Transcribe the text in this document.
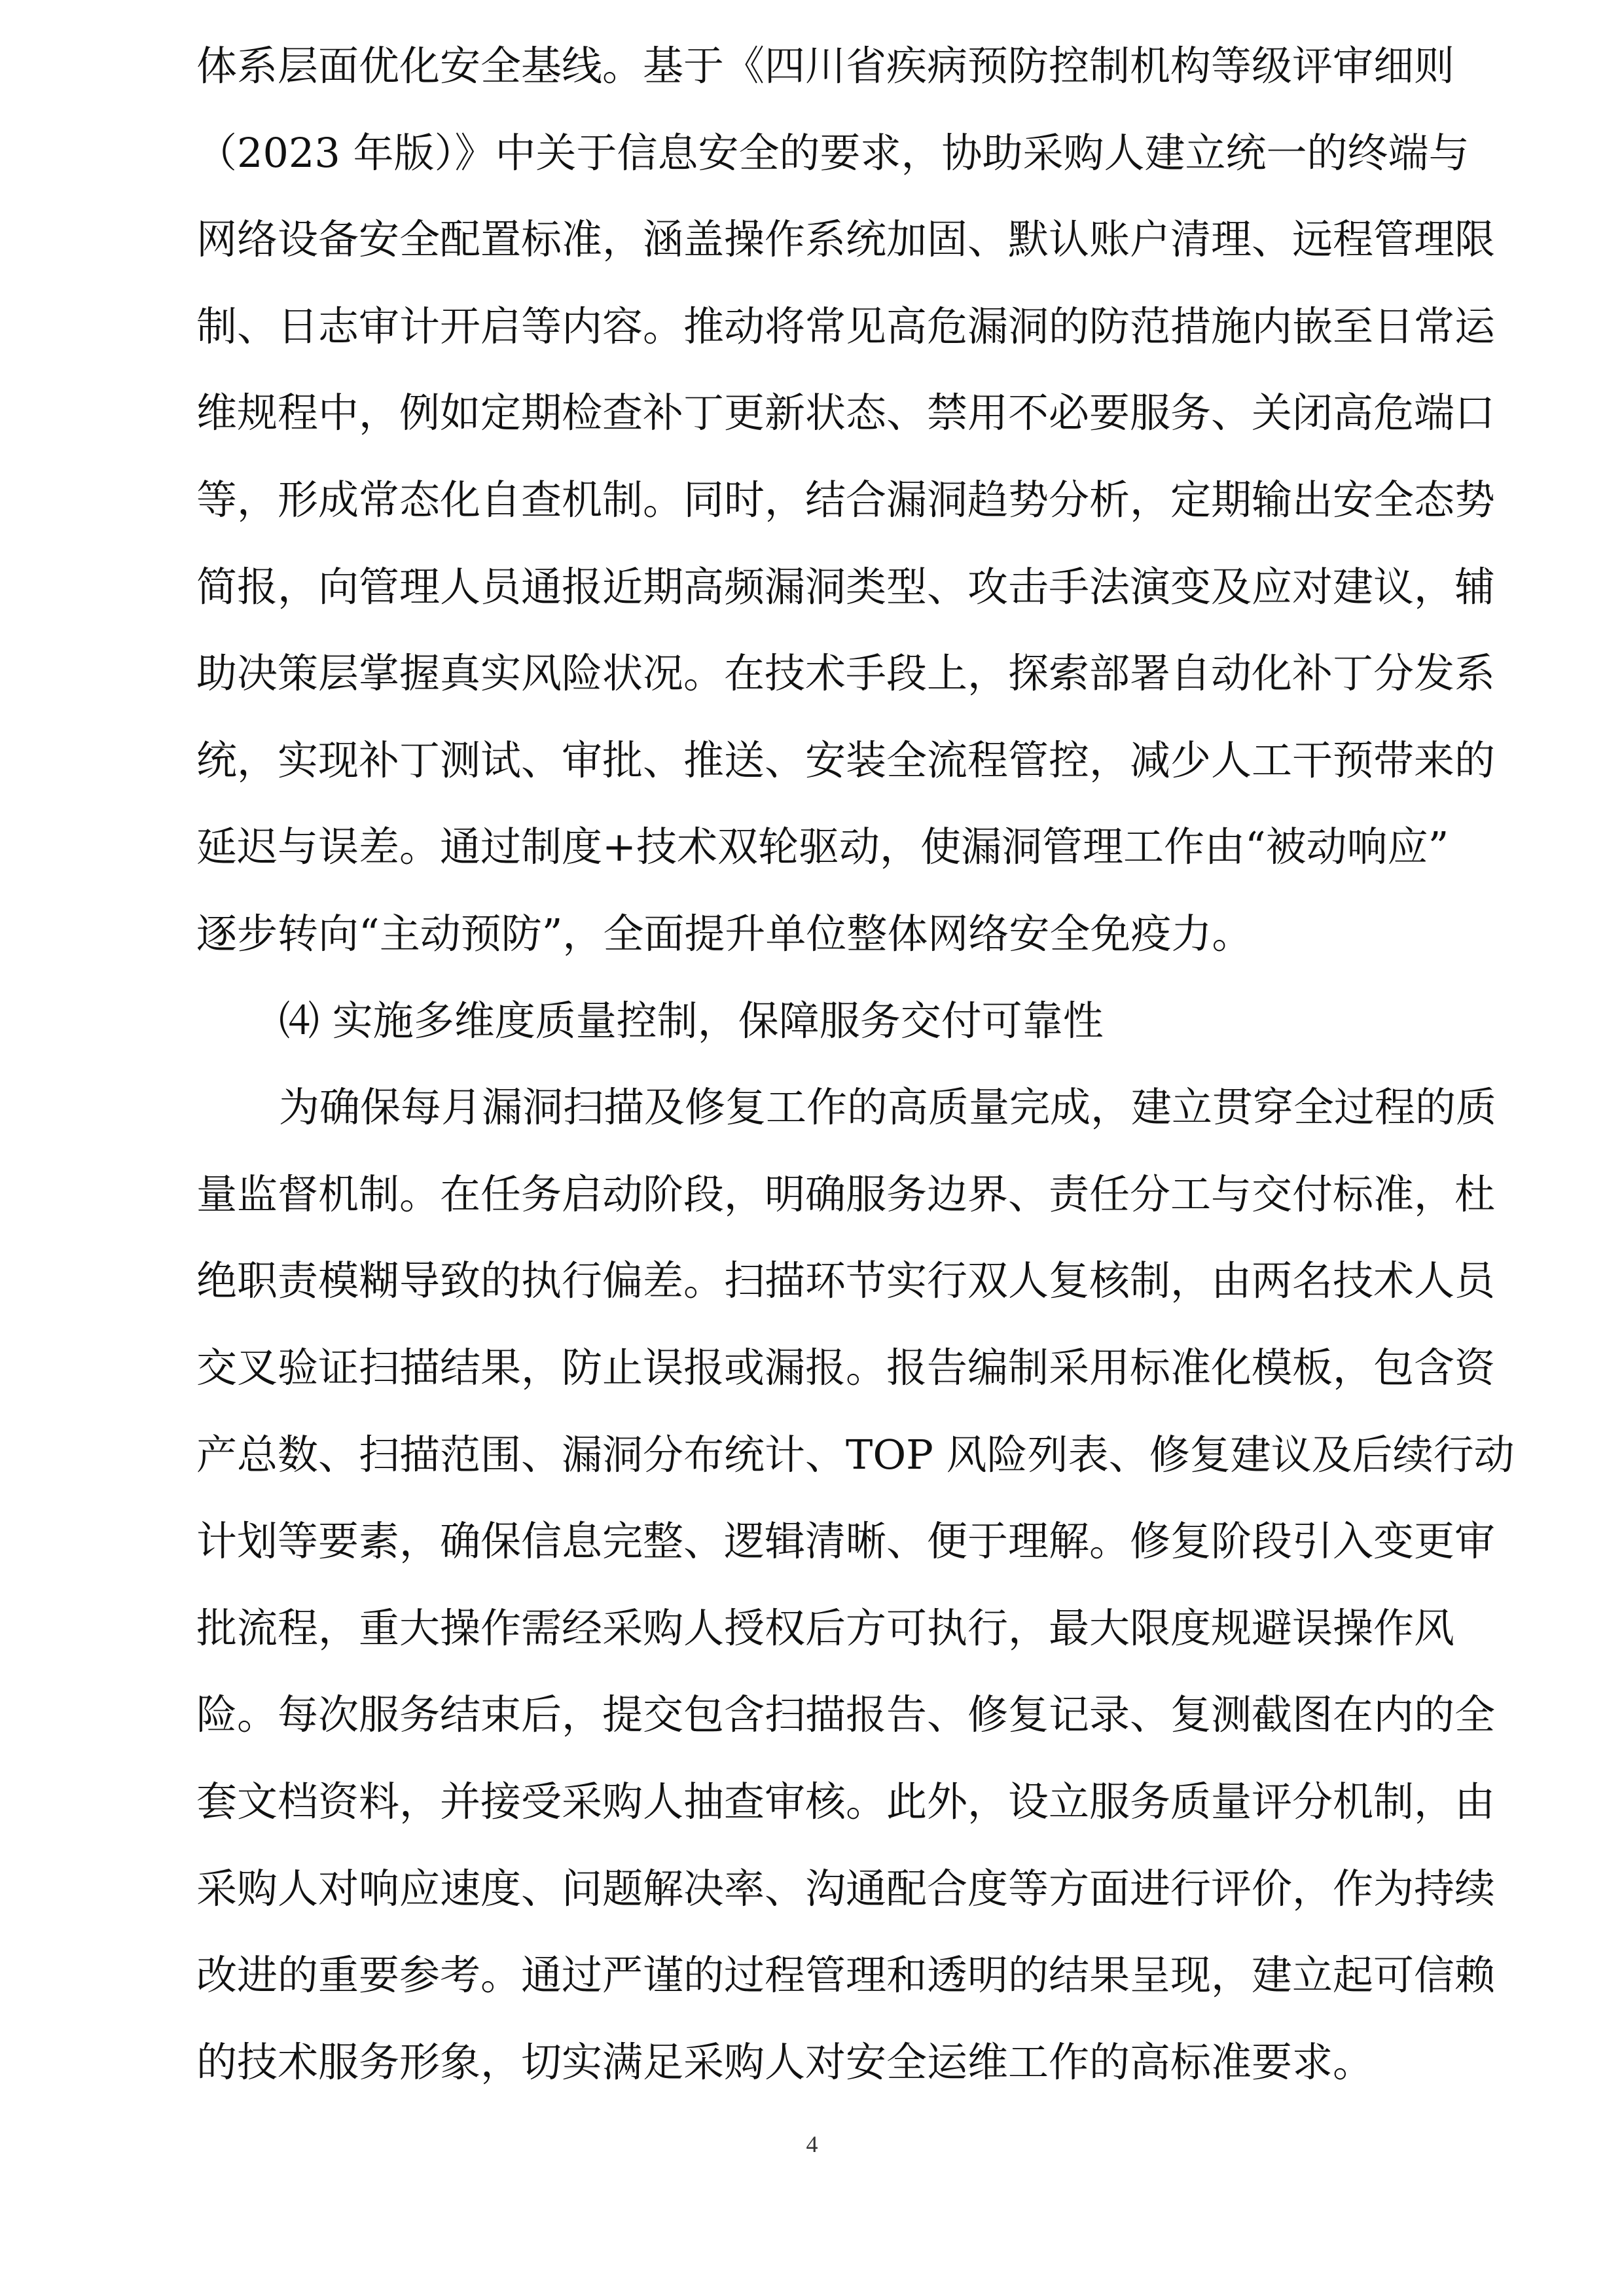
体系层面优化安全基线。基于《四川省疾病预防控制机构等级评审细则
（2023 年版）》中关于信息安全的要求，协助采购人建立统一的终端与
网络设备安全配置标准，涵盖操作系统加固、默认账户清理、远程管理限
制、日志审计开启等内容。推动将常见高危漏洞的防范措施内嵌至日常运
维规程中，例如定期检查补丁更新状态、禁用不必要服务、关闭高危端口
等，形成常态化自查机制。同时，结合漏洞趋势分析，定期输出安全态势
简报，向管理人员通报近期高频漏洞类型、攻击手法演变及应对建议，辅
助决策层掌握真实风险状况。在技术手段上，探索部署自动化补丁分发系
统，实现补丁测试、审批、推送、安装全流程管控，减少人工干预带来的
延迟与误差。通过制度+技术双轮驱动，使漏洞管理工作由“被动响应”
逐步转向“主动预防”，全面提升单位整体网络安全免疫力。
⑷ 实施多维度质量控制，保障服务交付可靠性
为确保每月漏洞扫描及修复工作的高质量完成，建立贯穿全过程的质
量监督机制。在任务启动阶段，明确服务边界、责任分工与交付标准，杜
绝职责模糊导致的执行偏差。扫描环节实行双人复核制，由两名技术人员
交叉验证扫描结果，防止误报或漏报。报告编制采用标准化模板，包含资
产总数、扫描范围、漏洞分布统计、TOP 风险列表、修复建议及后续行动
计划等要素，确保信息完整、逻辑清晰、便于理解。修复阶段引入变更审
批流程，重大操作需经采购人授权后方可执行，最大限度规避误操作风
险。每次服务结束后，提交包含扫描报告、修复记录、复测截图在内的全
套文档资料，并接受采购人抽查审核。此外，设立服务质量评分机制，由
采购人对响应速度、问题解决率、沟通配合度等方面进行评价，作为持续
改进的重要参考。通过严谨的过程管理和透明的结果呈现，建立起可信赖
的技术服务形象，切实满足采购人对安全运维工作的高标准要求。
4
